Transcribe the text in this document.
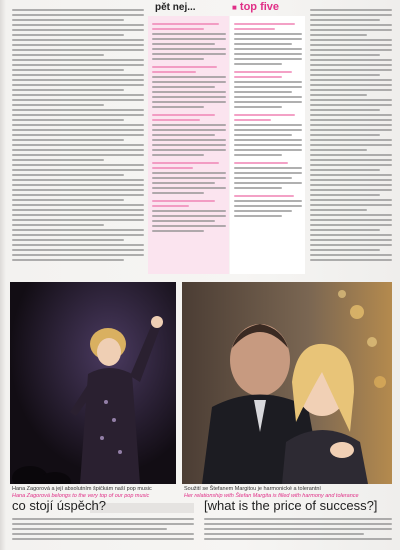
pět nej...	■ top five
Hana Zagorová a její absolutním špičkám naší pop music
Hana Zagorová belongs to the very top of our pop music
Soužití se Štefanem Margitou je harmonické a tolerantní
Her relationship with Štefan Margita is filled with harmony and tolerance
co stojí úspěch?	[what is the price of success?]
